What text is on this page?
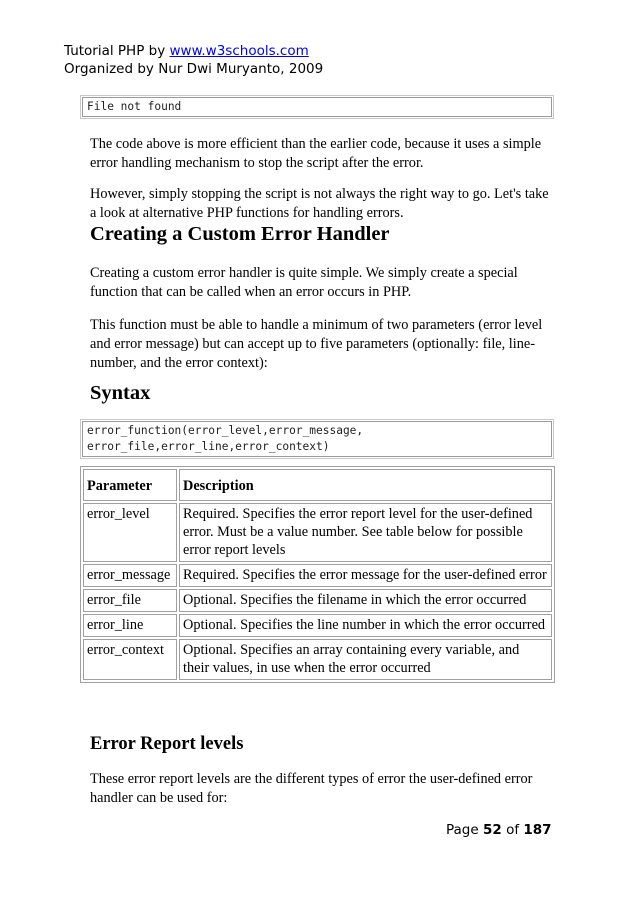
Tutorial PHP by www.w3schools.com
Organized by Nur Dwi Muryanto, 2009
File not found

The code above is more efficient than the earlier code, because it uses a simple error handling mechanism to stop the script after the error.

However, simply stopping the script is not always the right way to go. Let's take a look at alternative PHP functions for handling errors.

Creating a Custom Error Handler

Creating a custom error handler is quite simple. We simply create a special function that can be called when an error occurs in PHP.

This function must be able to handle a minimum of two parameters (error level and error message) but can accept up to five parameters (optionally: file, line-number, and the error context):

Syntax
error_function(error_level,error_message,
error_file,error_line,error_context)
Parameter	Description
error_level	Required. Specifies the error report level for the user-defined error. Must be a value number. See table below for possible error report levels
error_message	Required. Specifies the error message for the user-defined error
error_file	Optional. Specifies the filename in which the error occurred
error_line	Optional. Specifies the line number in which the error occurred
error_context	Optional. Specifies an array containing every variable, and their values, in use when the error occurred
Error Report levels

These error report levels are the different types of error the user-defined error handler can be used for:

Page 52 of 187
